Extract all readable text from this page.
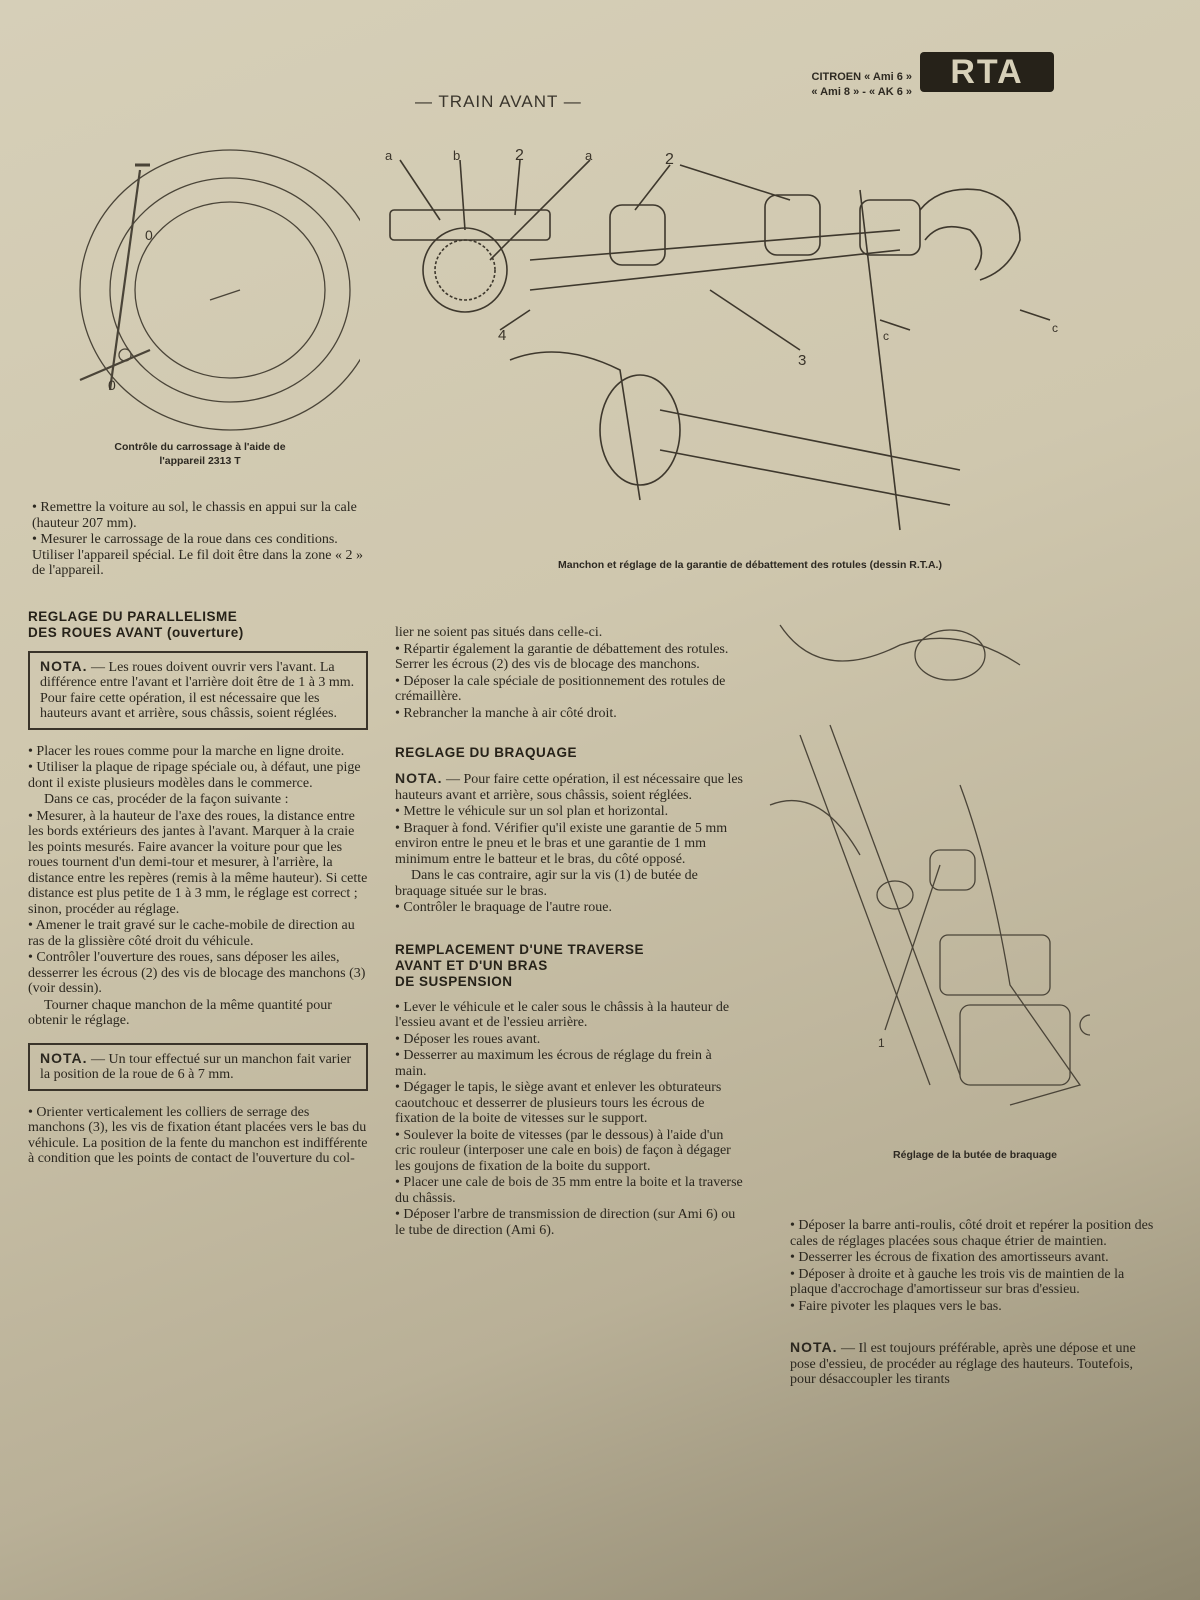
— TRAIN AVANT —
CITROEN « Ami 6 »
« Ami 8 » - « AK 6 »
RTA
0
0
Contrôle du carrossage à l'aide de
l'appareil 2313 T
a	b	2	a	2
4
3
c
c
Manchon et réglage de la garantie de débattement des rotules (dessin R.T.A.)
1
Réglage de la butée de braquage

• Remettre la voiture au sol, le chassis en appui sur la cale (hauteur 207 mm).

• Mesurer le carrossage de la roue dans ces conditions. Utiliser l'appareil spécial. Le fil doit être dans la zone « 2 » de l'appareil.

REGLAGE DU PARALLELISME
DES ROUES AVANT (ouverture)
NOTA. — Les roues doivent ouvrir vers l'avant. La différence entre l'avant et l'arrière doit être de 1 à 3 mm. Pour faire cette opération, il est nécessaire que les hauteurs avant et arrière, sous châssis, soient réglées.

• Placer les roues comme pour la marche en ligne droite.

• Utiliser la plaque de ripage spéciale ou, à défaut, une pige dont il existe plusieurs modèles dans le commerce.

Dans ce cas, procéder de la façon suivante :

• Mesurer, à la hauteur de l'axe des roues, la distance entre les bords extérieurs des jantes à l'avant. Marquer à la craie les points mesurés. Faire avancer la voiture pour que les roues tournent d'un demi-tour et mesurer, à l'arrière, la distance entre les repères (remis à la même hauteur). Si cette distance est plus petite de 1 à 3 mm, le réglage est correct ; sinon, procéder au réglage.

• Amener le trait gravé sur le cache-mobile de direction au ras de la glissière côté droit du véhicule.

• Contrôler l'ouverture des roues, sans déposer les ailes, desserrer les écrous (2) des vis de blocage des manchons (3) (voir dessin).

Tourner chaque manchon de la même quantité pour obtenir le réglage.

NOTA. — Un tour effectué sur un manchon fait varier la position de la roue de 6 à 7 mm.

• Orienter verticalement les colliers de serrage des manchons (3), les vis de fixation étant placées vers le bas du véhicule. La position de la fente du manchon est indifférente à condition que les points de contact de l'ouverture du col-

lier ne soient pas situés dans celle-ci.

• Répartir également la garantie de débattement des rotules. Serrer les écrous (2) des vis de blocage des manchons.

• Déposer la cale spéciale de positionnement des rotules de crémaillère.

• Rebrancher la manche à air côté droit.

REGLAGE DU BRAQUAGE

NOTA. — Pour faire cette opération, il est nécessaire que les hauteurs avant et arrière, sous châssis, soient réglées.

• Mettre le véhicule sur un sol plan et horizontal.

• Braquer à fond. Vérifier qu'il existe une garantie de 5 mm environ entre le pneu et le bras et une garantie de 1 mm minimum entre le batteur et le bras, du côté opposé.

Dans le cas contraire, agir sur la vis (1) de butée de braquage située sur le bras.

• Contrôler le braquage de l'autre roue.

REMPLACEMENT D'UNE TRAVERSE
AVANT ET D'UN BRAS
DE SUSPENSION

• Lever le véhicule et le caler sous le châssis à la hauteur de l'essieu avant et de l'essieu arrière.

• Déposer les roues avant.

• Desserrer au maximum les écrous de réglage du frein à main.

• Dégager le tapis, le siège avant et enlever les obturateurs caoutchouc et desserrer de plusieurs tours les écrous de fixation de la boite de vitesses sur le support.

• Soulever la boite de vitesses (par le dessous) à l'aide d'un cric rouleur (interposer une cale en bois) de façon à dégager les goujons de fixation de la boite du support.

• Placer une cale de bois de 35 mm entre la boite et la traverse du châssis.

• Déposer l'arbre de transmission de direction (sur Ami 6) ou le tube de direction (Ami 6).	• Déposer la barre anti-roulis, côté droit et repérer la position des cales de réglages placées sous chaque étrier de maintien.

• Desserrer les écrous de fixation des amortisseurs avant.

• Déposer à droite et à gauche les trois vis de maintien de la plaque d'accrochage d'amortisseur sur bras d'essieu.

• Faire pivoter les plaques vers le bas.

NOTA. — Il est toujours préférable, après une dépose et une pose d'essieu, de procéder au réglage des hauteurs. Toutefois, pour désaccoupler les tirants
